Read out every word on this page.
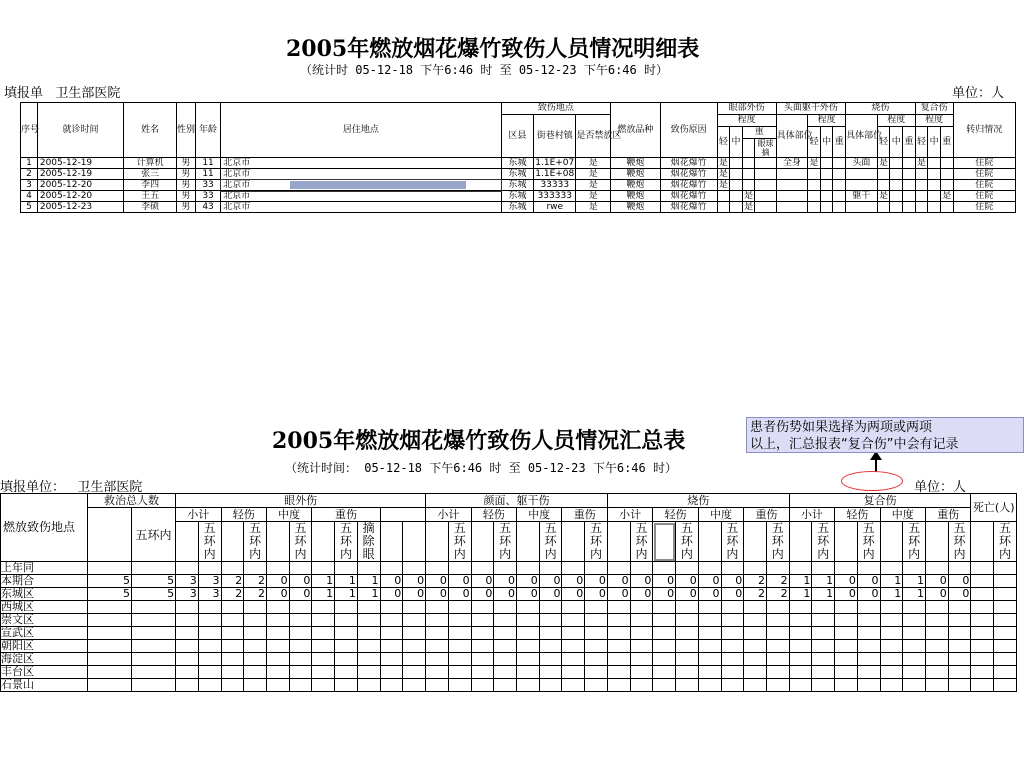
2005年燃放烟花爆竹致伤人员情况明细表
（统计时 05-12-18 下午6:46 时 至 05-12-23 下午6:46 时）
填报单 卫生部医院	单位：人
序号	就诊时间	姓名	性别	年龄	居住地点	致伤地点			燃放品种	致伤原因	眼部外伤				头面躯干外伤				烧伤				复合伤			转归情况
						区县	街巷村镇	是否禁放区			程度				具体部位	程度			具体部位	程度			程度			
											轻	中	重			轻	中	重		轻	中	重	轻	中	重	
														眼球摘												
1	2005-12-19	计算机	男	11	北京市	东城	1.1E+07	是	鞭炮	烟花爆竹	是				全身	是			头面	是			是			住院
2	2005-12-19	张三	男	11	北京市	东城	1.1E+08	是	鞭炮	烟花爆竹	是															住院
3	2005-12-20	李四	男	33	北京市	东城	33333	是	鞭炮	烟花爆竹	是															住院
4	2005-12-20	王五	男	33	北京市	东城	333333	是	鞭炮	烟花爆竹			是						躯干	是					是	住院
5	2005-12-23	李硕	男	43	北京市	东城	rwe	是	鞭炮	烟花爆竹			是													住院
2005年燃放烟花爆竹致伤人员情况汇总表
（统计时间： 05-12-18 下午6:46 时 至 05-12-23 下午6:46 时）
填报单位： 卫生部医院	单位：人
燃放致伤地点	救治总人数		眼外伤											颜面、躯干伤								烧伤								复合伤								死亡(人)	
		五环内	小计		轻伤		中度		重伤					小计		轻伤		中度		重伤		小计		轻伤		中度		重伤		小计		轻伤		中度		重伤			
				五环内		五环内		五环内		五环内	摘除眼				五环内		五环内		五环内		五环内		五环内		五环内		五环内		五环内		五环内		五环内		五环内		五环内		五环内
上年同																																							
本期合	5	5	3	3	2	2	0	0	1	1	1	0	0	0	0	0	0	0	0	0	0	0	0	0	0	0	0	2	2	1	1	0	0	1	1	0	0		
东城区	5	5	3	3	2	2	0	0	1	1	1	0	0	0	0	0	0	0	0	0	0	0	0	0	0	0	0	2	2	1	1	0	0	1	1	0	0		
西城区																																							
崇文区																																							
宣武区																																							
朝阳区																																							
海淀区																																							
丰台区																																							
石景山																																							
患者伤势如果选择为两项或两项
以上，汇总报表“复合伤”中会有记录
